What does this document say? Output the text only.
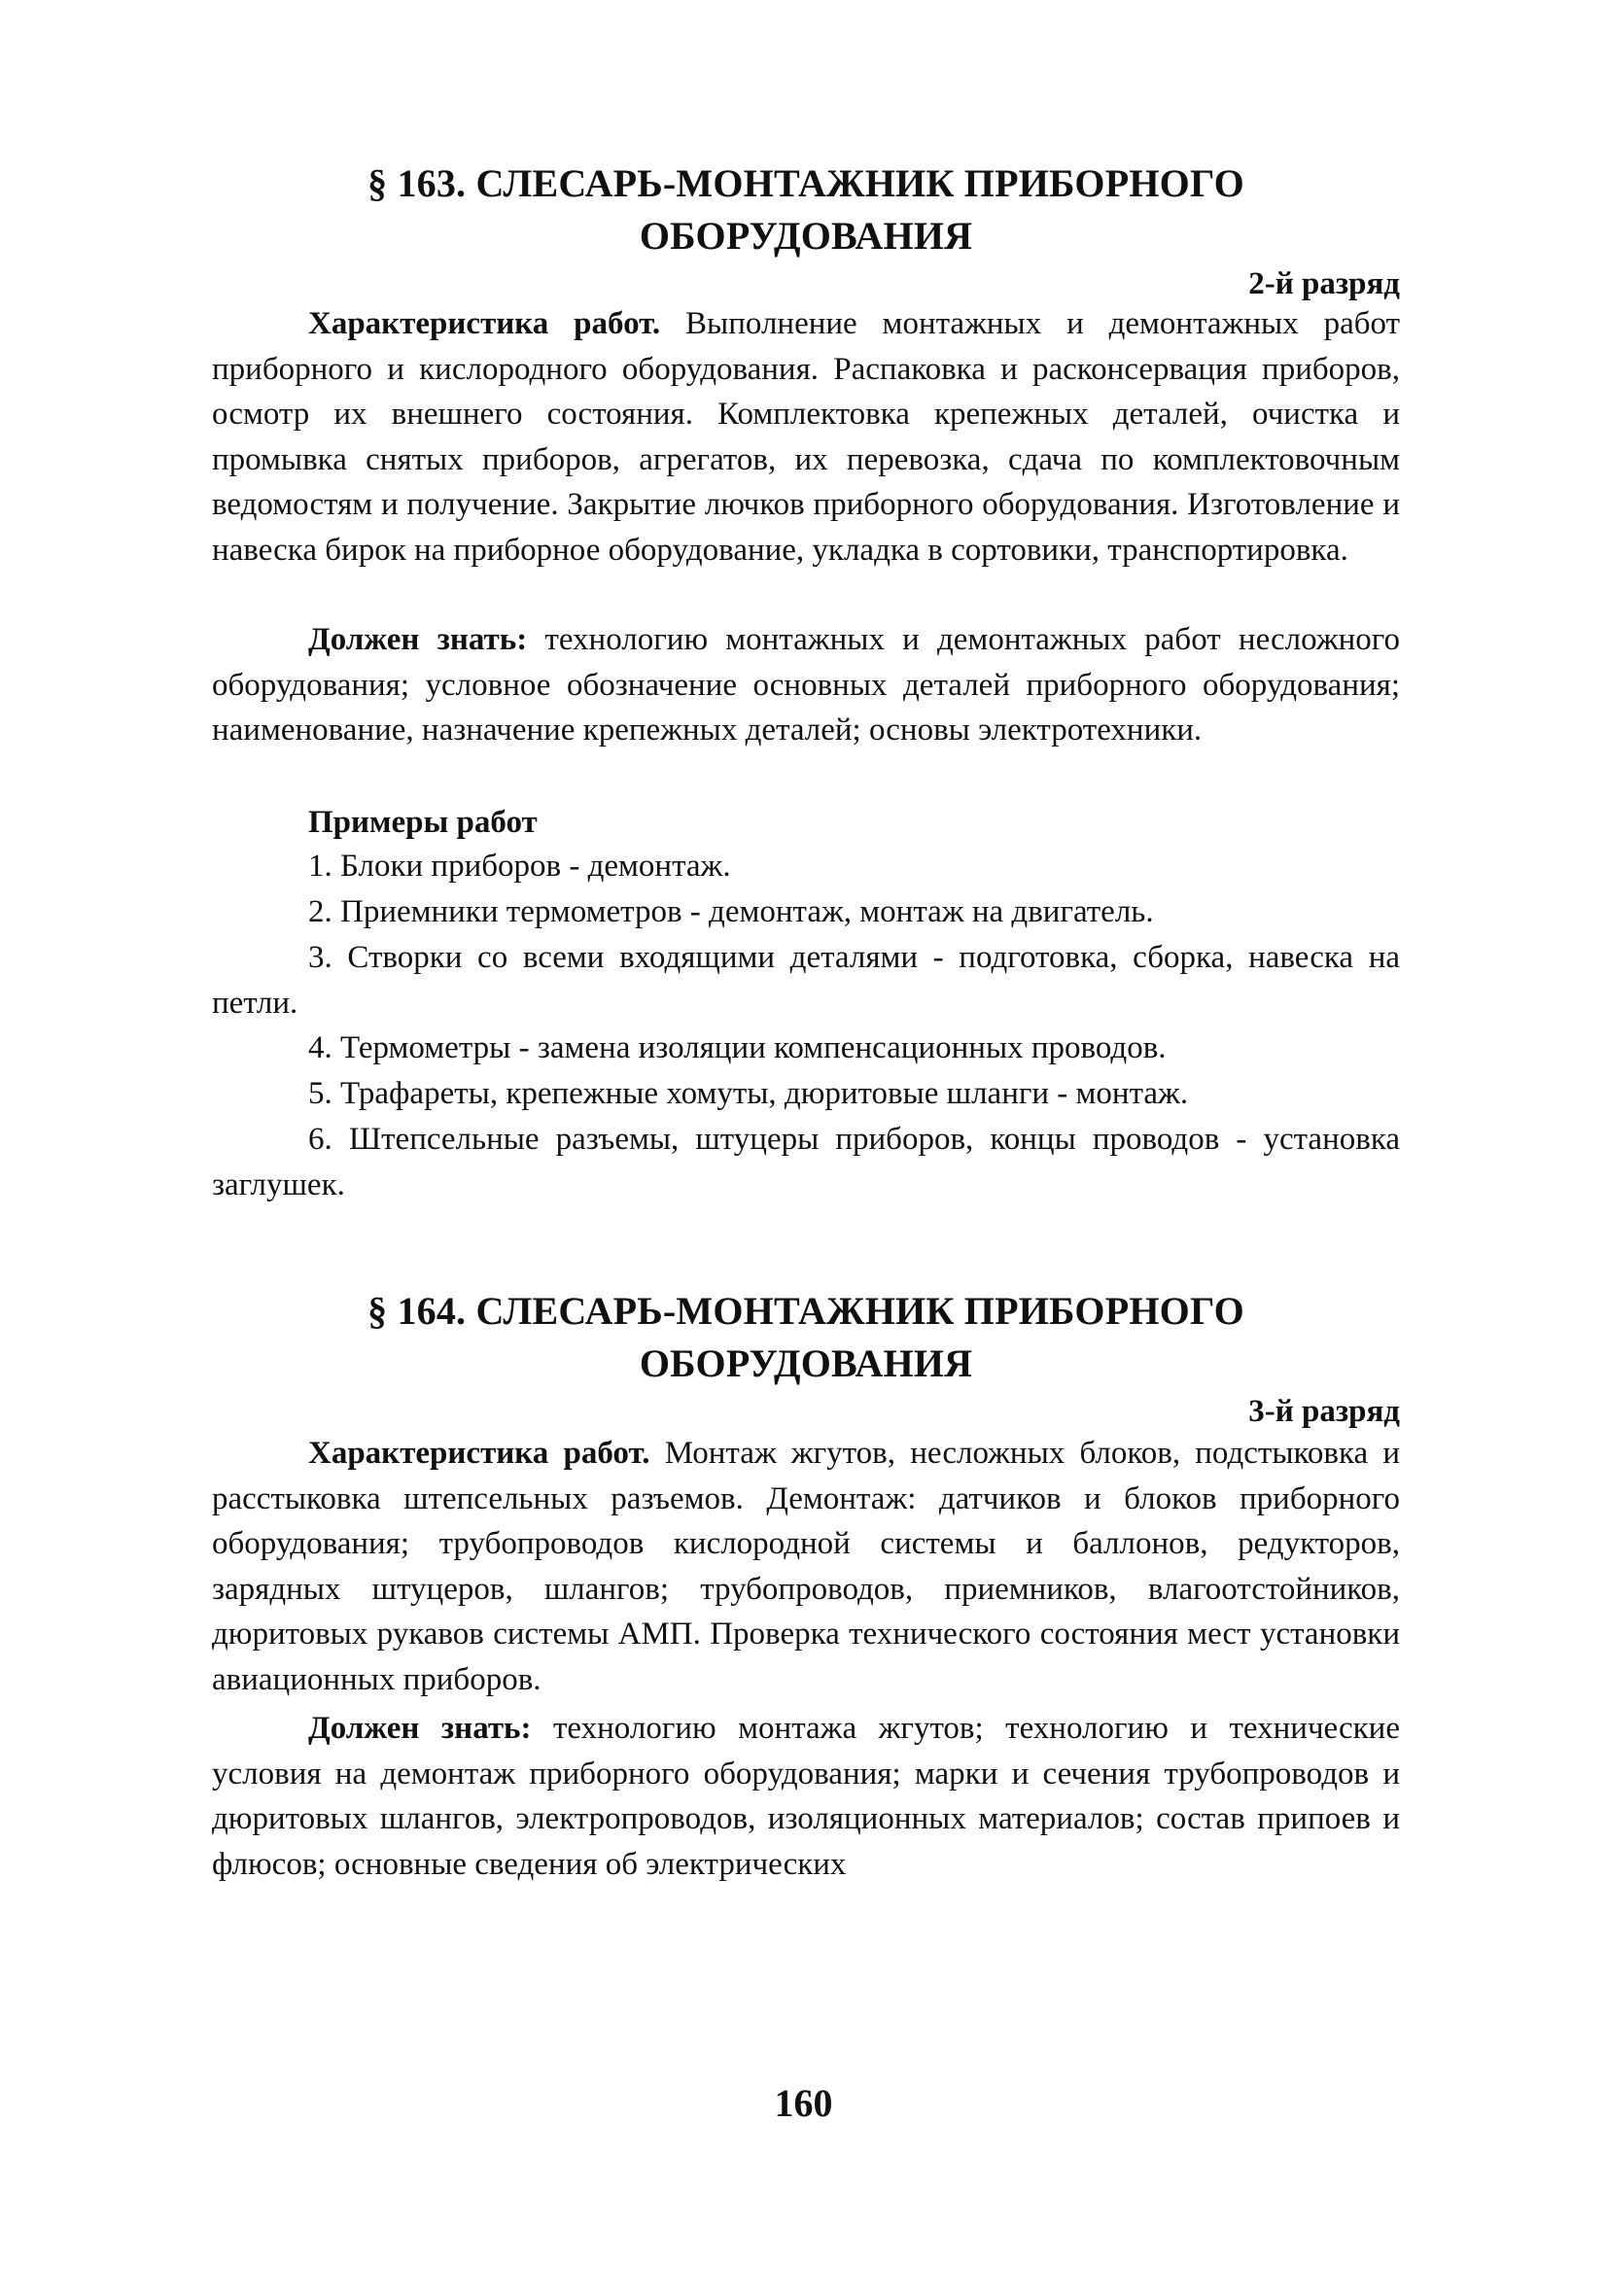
§ 163. СЛЕСАРЬ-МОНТАЖНИК ПРИБОРНОГО
ОБОРУДОВАНИЯ
2-й разряд

Характеристика работ. Выполнение монтажных и демонтажных работ приборного и кислородного оборудования. Распаковка и расконсервация приборов, осмотр их внешнего состояния. Комплектовка крепежных деталей, очистка и промывка снятых приборов, агрегатов, их перевозка, сдача по комплектовочным ведомостям и получение. Закрытие лючков приборного оборудования. Изготовление и навеска бирок на приборное оборудование, укладка в сортовики, транспортировка.

Должен знать: технологию монтажных и демонтажных работ несложного оборудования; условное обозначение основных деталей приборного оборудования; наименование, назначение крепежных деталей; основы электротехники.

Примеры работ

1. Блоки приборов - демонтаж.

2. Приемники термометров - демонтаж, монтаж на двигатель.

3. Створки со всеми входящими деталями - подготовка, сборка, навеска на петли.

4. Термометры - замена изоляции компенсационных проводов.

5. Трафареты, крепежные хомуты, дюритовые шланги - монтаж.

6. Штепсельные разъемы, штуцеры приборов, концы проводов - установка заглушек.

§ 164. СЛЕСАРЬ-МОНТАЖНИК ПРИБОРНОГО
ОБОРУДОВАНИЯ
3-й разряд

Характеристика работ. Монтаж жгутов, несложных блоков, подстыковка и расстыковка штепсельных разъемов. Демонтаж: датчиков и блоков приборного оборудования; трубопроводов кислородной системы и баллонов, редукторов, зарядных штуцеров, шлангов; трубопроводов, приемников, влагоотстойников, дюритовых рукавов системы АМП. Проверка технического состояния мест установки авиационных приборов.

Должен знать: технологию монтажа жгутов; технологию и технические условия на демонтаж приборного оборудования; марки и сечения трубопроводов и дюритовых шлангов, электропроводов, изоляционных материалов; состав припоев и флюсов; основные сведения об электрических

160
